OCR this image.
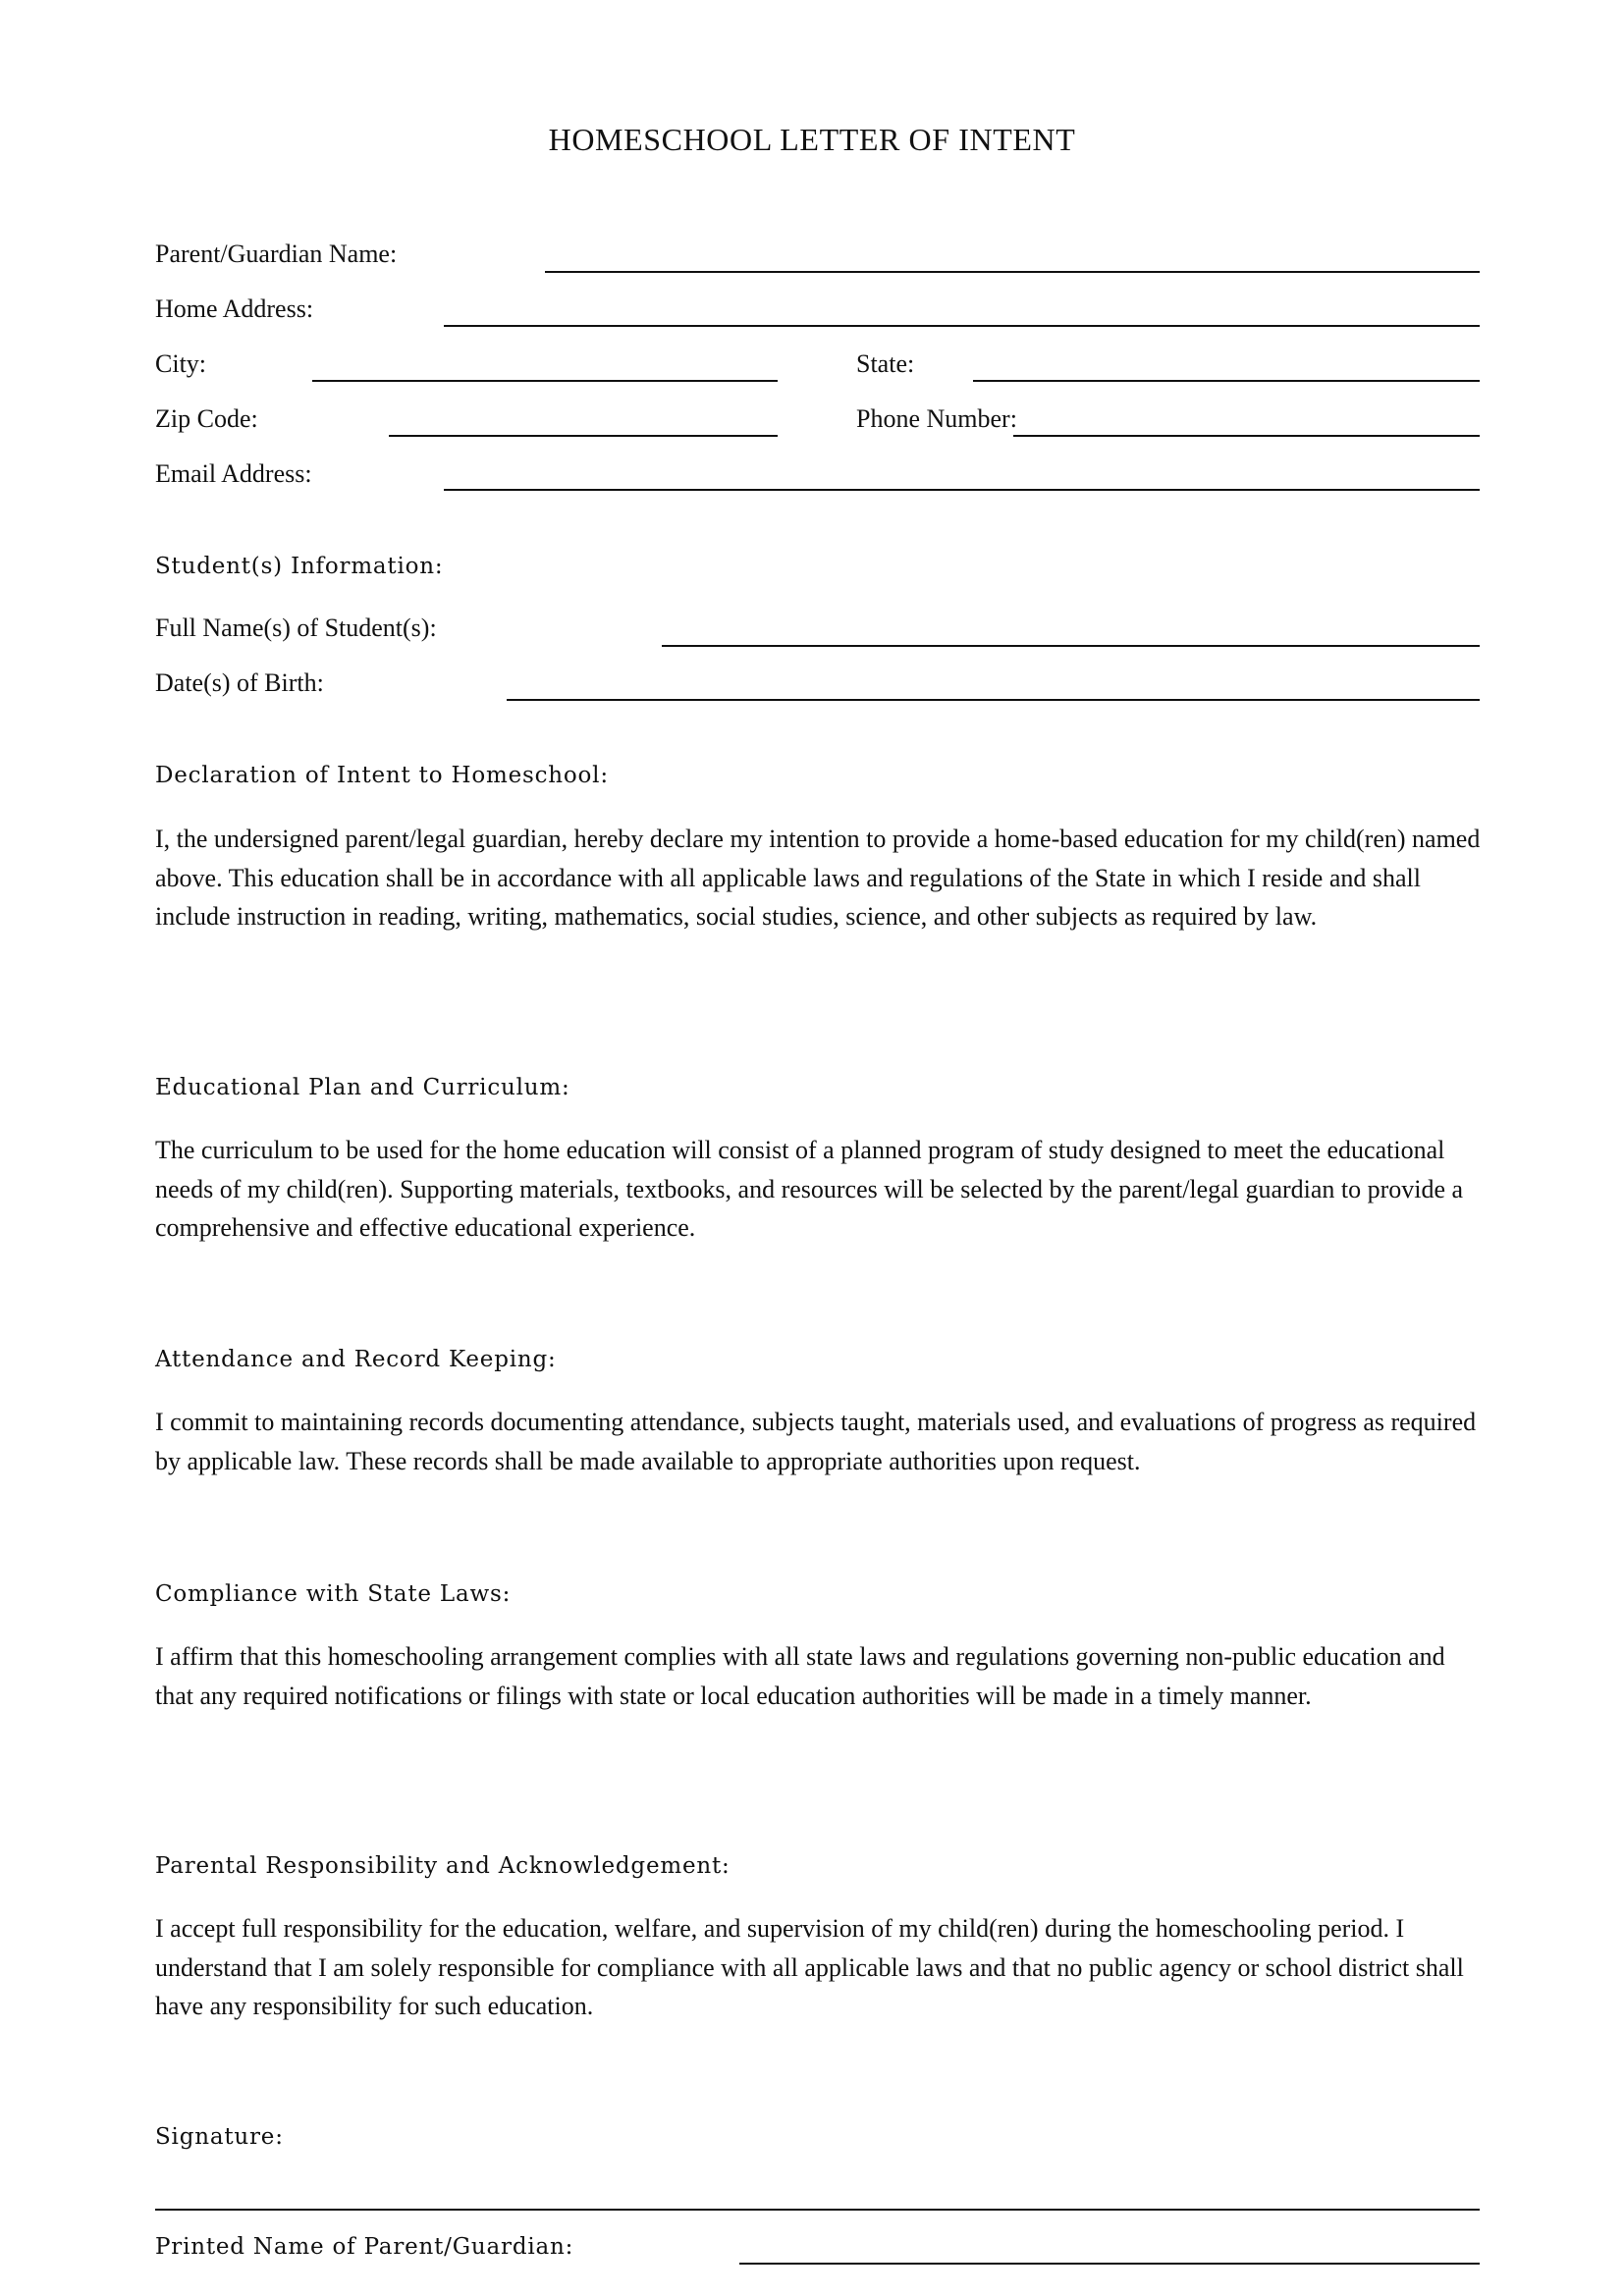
HOMESCHOOL LETTER OF INTENT
Parent/Guardian Name:
Home Address:
City:	State:
Zip Code:	Phone Number:
Email Address:
Student(s) Information:
Full Name(s) of Student(s):
Date(s) of Birth:
Declaration of Intent to Homeschool:
I, the undersigned parent/legal guardian, hereby declare my intention to provide a home-based education for my child(ren) named above. This education shall be in accordance with all applicable laws and regulations of the State in which I reside and shall include instruction in reading, writing, mathematics, social studies, science, and other subjects as required by law.
Educational Plan and Curriculum:
The curriculum to be used for the home education will consist of a planned program of study designed to meet the educational needs of my child(ren). Supporting materials, textbooks, and resources will be selected by the parent/legal guardian to provide a comprehensive and effective educational experience.
Attendance and Record Keeping:
I commit to maintaining records documenting attendance, subjects taught, materials used, and evaluations of progress as required by applicable law. These records shall be made available to appropriate authorities upon request.
Compliance with State Laws:
I affirm that this homeschooling arrangement complies with all state laws and regulations governing non-public education and that any required notifications or filings with state or local education authorities will be made in a timely manner.
Parental Responsibility and Acknowledgement:
I accept full responsibility for the education, welfare, and supervision of my child(ren) during the homeschooling period. I understand that I am solely responsible for compliance with all applicable laws and that no public agency or school district shall have any responsibility for such education.
Signature:
Printed Name of Parent/Guardian:
